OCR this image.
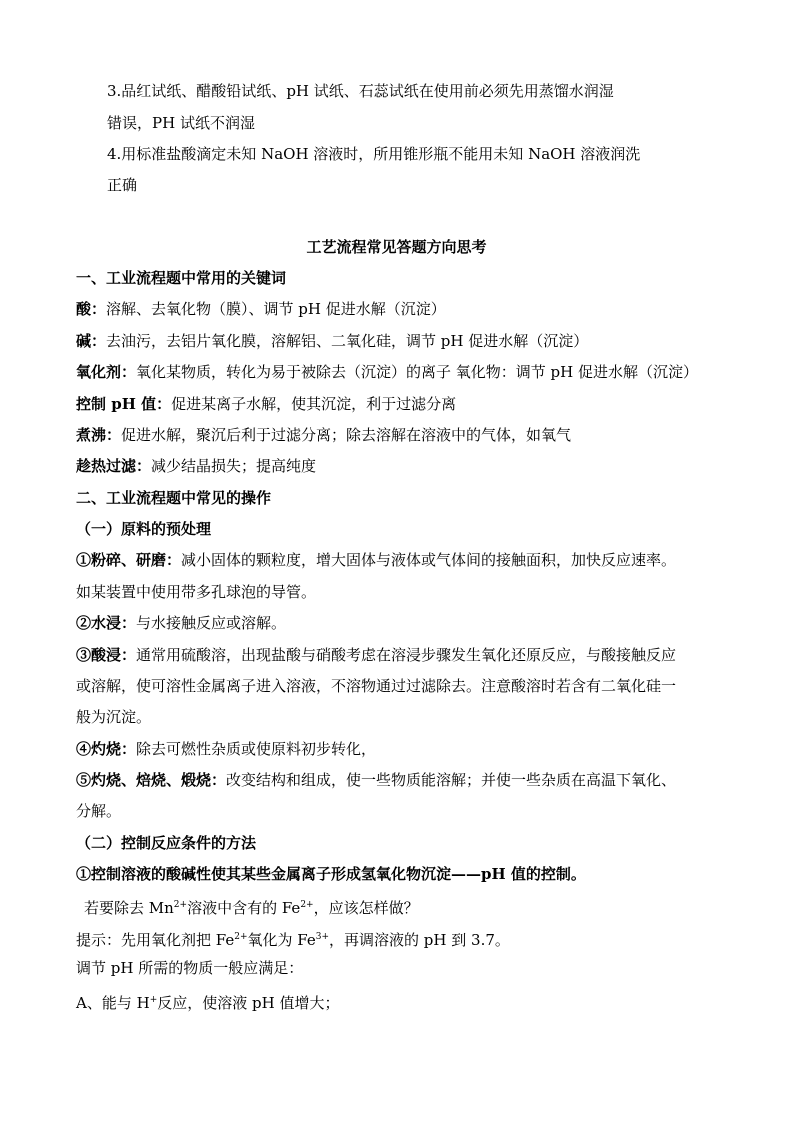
3.品红试纸、醋酸铅试纸、pH 试纸、石蕊试纸在使用前必须先用蒸馏水润湿
错误，PH 试纸不润湿
4.用标准盐酸滴定未知 NaOH 溶液时，所用锥形瓶不能用未知 NaOH 溶液润洗
正确
工艺流程常见答题方向思考
一、工业流程题中常用的关键词
酸：溶解、去氧化物（膜）、调节 pH 促进水解（沉淀）
碱：去油污，去铝片氧化膜，溶解铝、二氧化硅，调节 pH 促进水解（沉淀）
氧化剂：氧化某物质，转化为易于被除去（沉淀）的离子 氧化物：调节 pH 促进水解（沉淀）
控制 pH 值：促进某离子水解，使其沉淀，利于过滤分离
煮沸：促进水解，聚沉后利于过滤分离；除去溶解在溶液中的气体，如氧气
趁热过滤：减少结晶损失；提高纯度
二、工业流程题中常见的操作
（一）原料的预处理
①粉碎、研磨：减小固体的颗粒度，增大固体与液体或气体间的接触面积，加快反应速率。
如某装置中使用带多孔球泡的导管。
②水浸：与水接触反应或溶解。
③酸浸：通常用硫酸溶，出现盐酸与硝酸考虑在溶浸步骤发生氧化还原反应，与酸接触反应
或溶解，使可溶性金属离子进入溶液，不溶物通过过滤除去。注意酸溶时若含有二氧化硅一
般为沉淀。
④灼烧：除去可燃性杂质或使原料初步转化，
⑤灼烧、焙烧、煅烧：改变结构和组成，使一些物质能溶解；并使一些杂质在高温下氧化、
分解。
（二）控制反应条件的方法
①控制溶液的酸碱性使其某些金属离子形成氢氧化物沉淀——pH 值的控制。
若要除去 $Mn^{2+}$溶液中含有的 $Fe^{2+}$，应该怎样做？
提示：先用氧化剂把 $Fe^{2+}$氧化为 $Fe^{3+}$，再调溶液的 pH 到 3.7。
调节 pH 所需的物质一般应满足：
A、能与 H+反应，使溶液 pH 值增大；
